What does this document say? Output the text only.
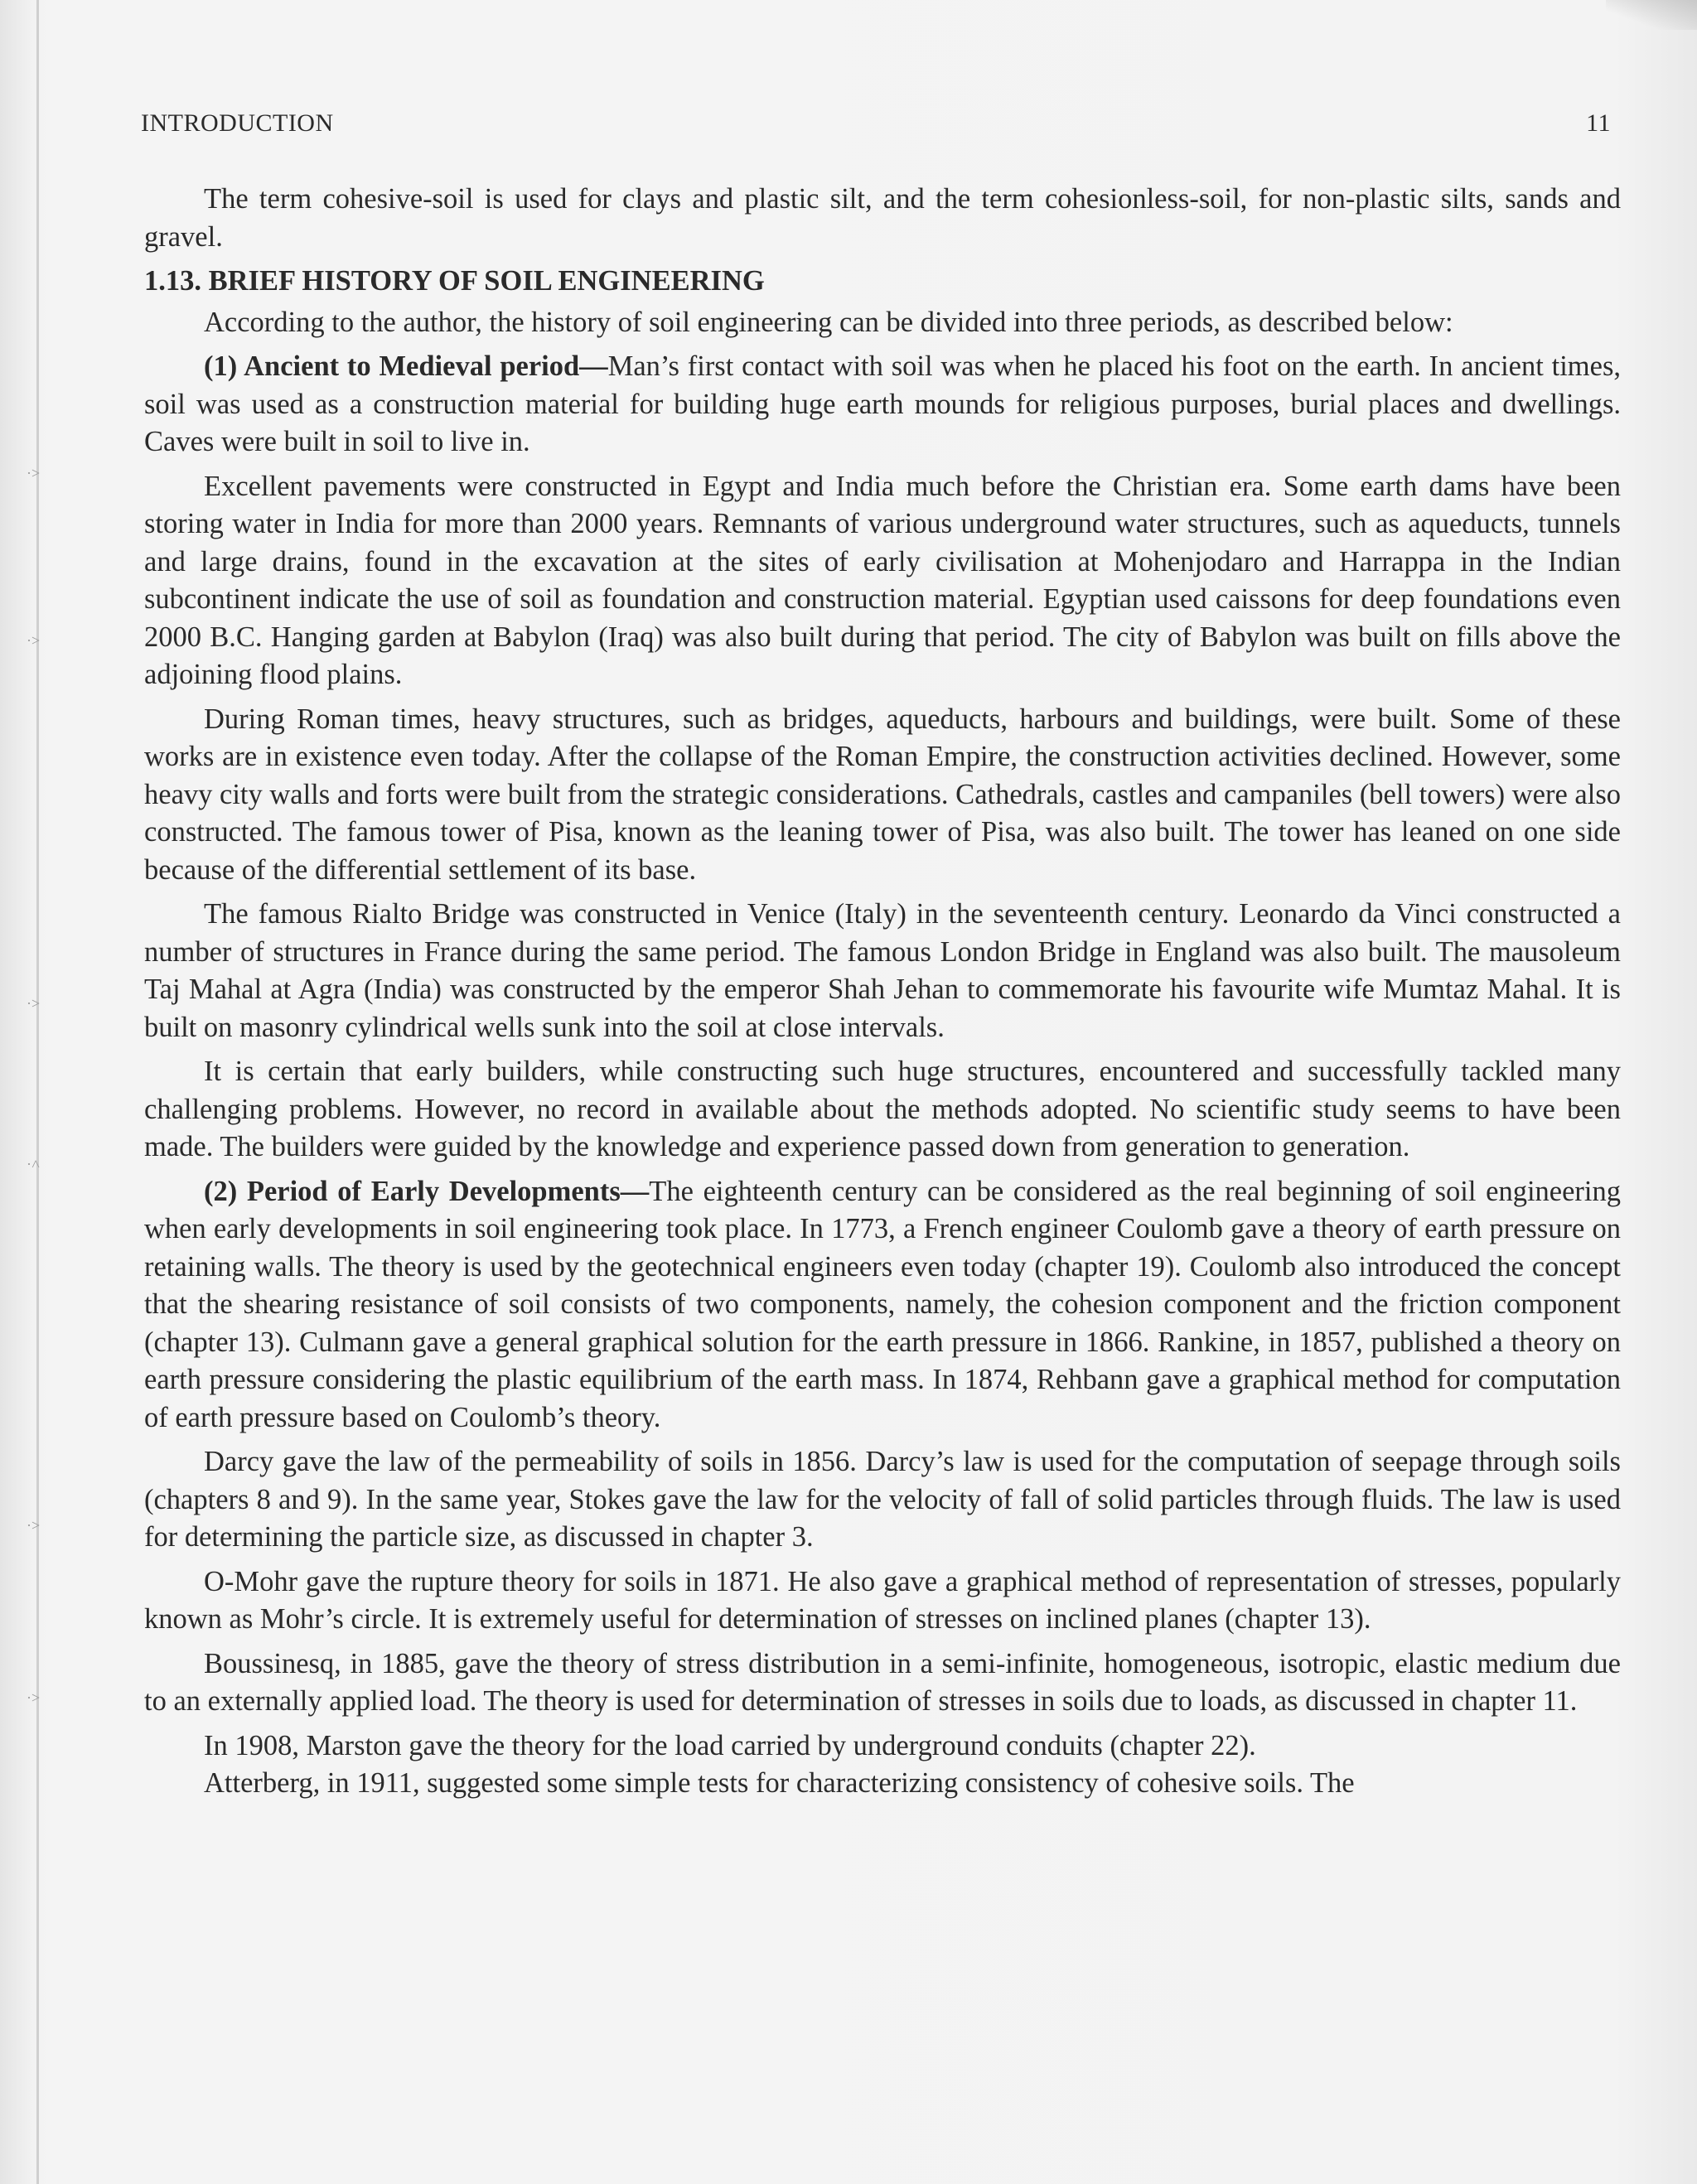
·˃
·˃
·˃
·˄
·˃
·˃
INTRODUCTION	11

The term cohesive-soil is used for clays and plastic silt, and the term cohesionless-soil, for non-plastic silts, sands and gravel.

1.13. BRIEF HISTORY OF SOIL ENGINEERING

According to the author, the history of soil engineering can be divided into three periods, as described below:

(1) Ancient to Medieval period—Man’s first contact with soil was when he placed his foot on the earth. In ancient times, soil was used as a construction material for building huge earth mounds for religious purposes, burial places and dwellings. Caves were built in soil to live in.

Excellent pavements were constructed in Egypt and India much before the Christian era. Some earth dams have been storing water in India for more than 2000 years. Remnants of various underground water structures, such as aqueducts, tunnels and large drains, found in the excavation at the sites of early civilisation at Mohenjodaro and Harrappa in the Indian subcontinent indicate the use of soil as foundation and construction material. Egyptian used caissons for deep foundations even 2000 B.C. Hanging garden at Babylon (Iraq) was also built during that period. The city of Babylon was built on fills above the adjoining flood plains.

During Roman times, heavy structures, such as bridges, aqueducts, harbours and buildings, were built. Some of these works are in existence even today. After the collapse of the Roman Empire, the construction activities declined. However, some heavy city walls and forts were built from the strategic considerations. Cathedrals, castles and campaniles (bell towers) were also constructed. The famous tower of Pisa, known as the leaning tower of Pisa, was also built. The tower has leaned on one side because of the differential settlement of its base.

The famous Rialto Bridge was constructed in Venice (Italy) in the seventeenth century. Leonardo da Vinci constructed a number of structures in France during the same period. The famous London Bridge in England was also built. The mausoleum Taj Mahal at Agra (India) was constructed by the emperor Shah Jehan to commemorate his favourite wife Mumtaz Mahal. It is built on masonry cylindrical wells sunk into the soil at close intervals.

It is certain that early builders, while constructing such huge structures, encountered and successfully tackled many challenging problems. However, no record in available about the methods adopted. No scientific study seems to have been made. The builders were guided by the knowledge and experience passed down from generation to generation.

(2) Period of Early Developments—The eighteenth century can be considered as the real beginning of soil engineering when early developments in soil engineering took place. In 1773, a French engineer Coulomb gave a theory of earth pressure on retaining walls. The theory is used by the geotechnical engineers even today (chapter 19). Coulomb also introduced the concept that the shearing resistance of soil consists of two components, namely, the cohesion component and the friction component (chapter 13). Culmann gave a general graphical solution for the earth pressure in 1866. Rankine, in 1857, published a theory on earth pressure considering the plastic equilibrium of the earth mass. In 1874, Rehbann gave a graphical method for computation of earth pressure based on Coulomb’s theory.

Darcy gave the law of the permeability of soils in 1856. Darcy’s law is used for the computation of seepage through soils (chapters 8 and 9). In the same year, Stokes gave the law for the velocity of fall of solid particles through fluids. The law is used for determining the particle size, as discussed in chapter 3.

O-Mohr gave the rupture theory for soils in 1871. He also gave a graphical method of representation of stresses, popularly known as Mohr’s circle. It is extremely useful for determination of stresses on inclined planes (chapter 13).

Boussinesq, in 1885, gave the theory of stress distribution in a semi-infinite, homogeneous, isotropic, elastic medium due to an externally applied load. The theory is used for determination of stresses in soils due to loads, as discussed in chapter 11.

In 1908, Marston gave the theory for the load carried by underground conduits (chapter 22).

Atterberg, in 1911, suggested some simple tests for characterizing consistency of cohesive soils. The
